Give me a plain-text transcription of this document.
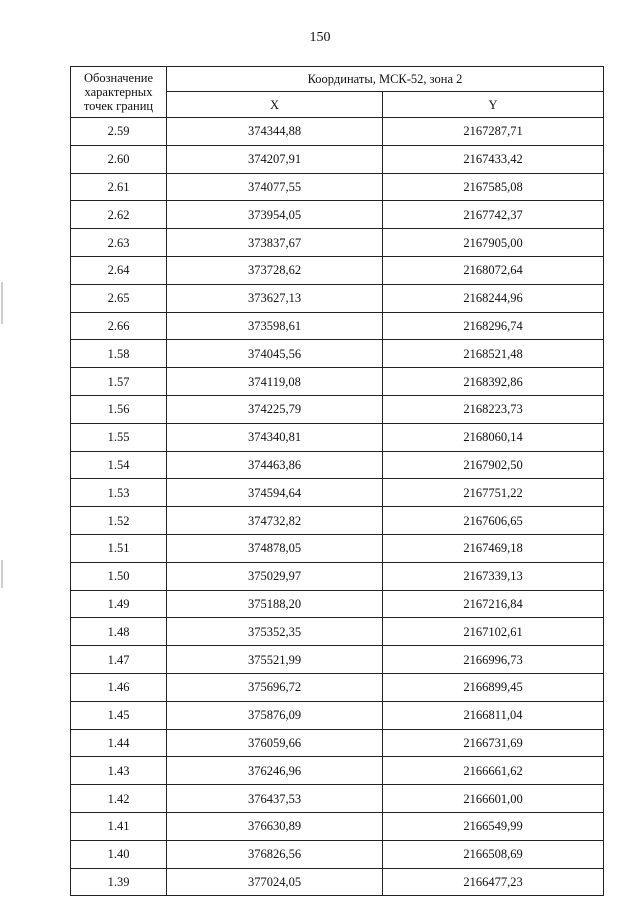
150
Обозначение характерных точек границ	Координаты, МСК-52, зона 2	
	X	Y
2.59	374344,88	2167287,71
2.60	374207,91	2167433,42
2.61	374077,55	2167585,08
2.62	373954,05	2167742,37
2.63	373837,67	2167905,00
2.64	373728,62	2168072,64
2.65	373627,13	2168244,96
2.66	373598,61	2168296,74
1.58	374045,56	2168521,48
1.57	374119,08	2168392,86
1.56	374225,79	2168223,73
1.55	374340,81	2168060,14
1.54	374463,86	2167902,50
1.53	374594,64	2167751,22
1.52	374732,82	2167606,65
1.51	374878,05	2167469,18
1.50	375029,97	2167339,13
1.49	375188,20	2167216,84
1.48	375352,35	2167102,61
1.47	375521,99	2166996,73
1.46	375696,72	2166899,45
1.45	375876,09	2166811,04
1.44	376059,66	2166731,69
1.43	376246,96	2166661,62
1.42	376437,53	2166601,00
1.41	376630,89	2166549,99
1.40	376826,56	2166508,69
1.39	377024,05	2166477,23
